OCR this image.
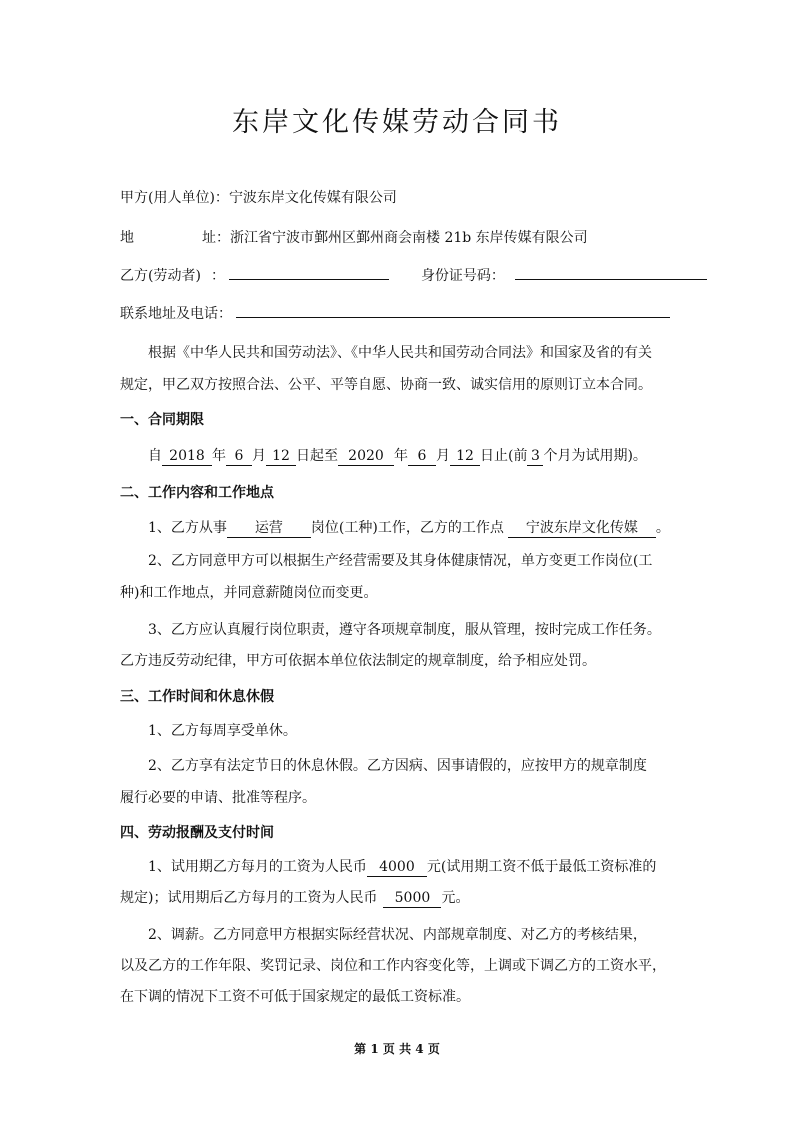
东岸文化传媒劳动合同书
甲方(用人单位)：宁波东岸文化传媒有限公司
地	址：浙江省宁波市鄞州区鄞州商会南楼 21b 东岸传媒有限公司
乙方(劳动者) ：	身份证号码：
联系地址及电话：
根据《中华人民共和国劳动法》、《中华人民共和国劳动合同法》和国家及省的有关
规定，甲乙双方按照合法、公平、平等自愿、协商一致、诚实信用的原则订立本合同。
一、合同期限
自 2018 年 6 月 12 日起至 2020 年 6 月 12 日止(前 3 个月为试用期)。
二、工作内容和工作地点
1、乙方从事 运营 岗位(工种)工作，乙方的工作点 宁波东岸文化传媒 。
2、乙方同意甲方可以根据生产经营需要及其身体健康情况，单方变更工作岗位(工
种)和工作地点，并同意薪随岗位而变更。
3、乙方应认真履行岗位职责，遵守各项规章制度，服从管理，按时完成工作任务。
乙方违反劳动纪律，甲方可依据本单位依法制定的规章制度，给予相应处罚。
三、工作时间和休息休假
1、乙方每周享受单休。
2、乙方享有法定节日的休息休假。乙方因病、因事请假的，应按甲方的规章制度
履行必要的申请、批准等程序。
四、劳动报酬及支付时间
1、试用期乙方每月的工资为人民币 4000 元(试用期工资不低于最低工资标准的
规定)；试用期后乙方每月的工资为人民币 5000 元。
2、调薪。乙方同意甲方根据实际经营状况、内部规章制度、对乙方的考核结果，
以及乙方的工作年限、奖罚记录、岗位和工作内容变化等，上调或下调乙方的工资水平，
在下调的情况下工资不可低于国家规定的最低工资标准。
第 1 页 共 4 页
